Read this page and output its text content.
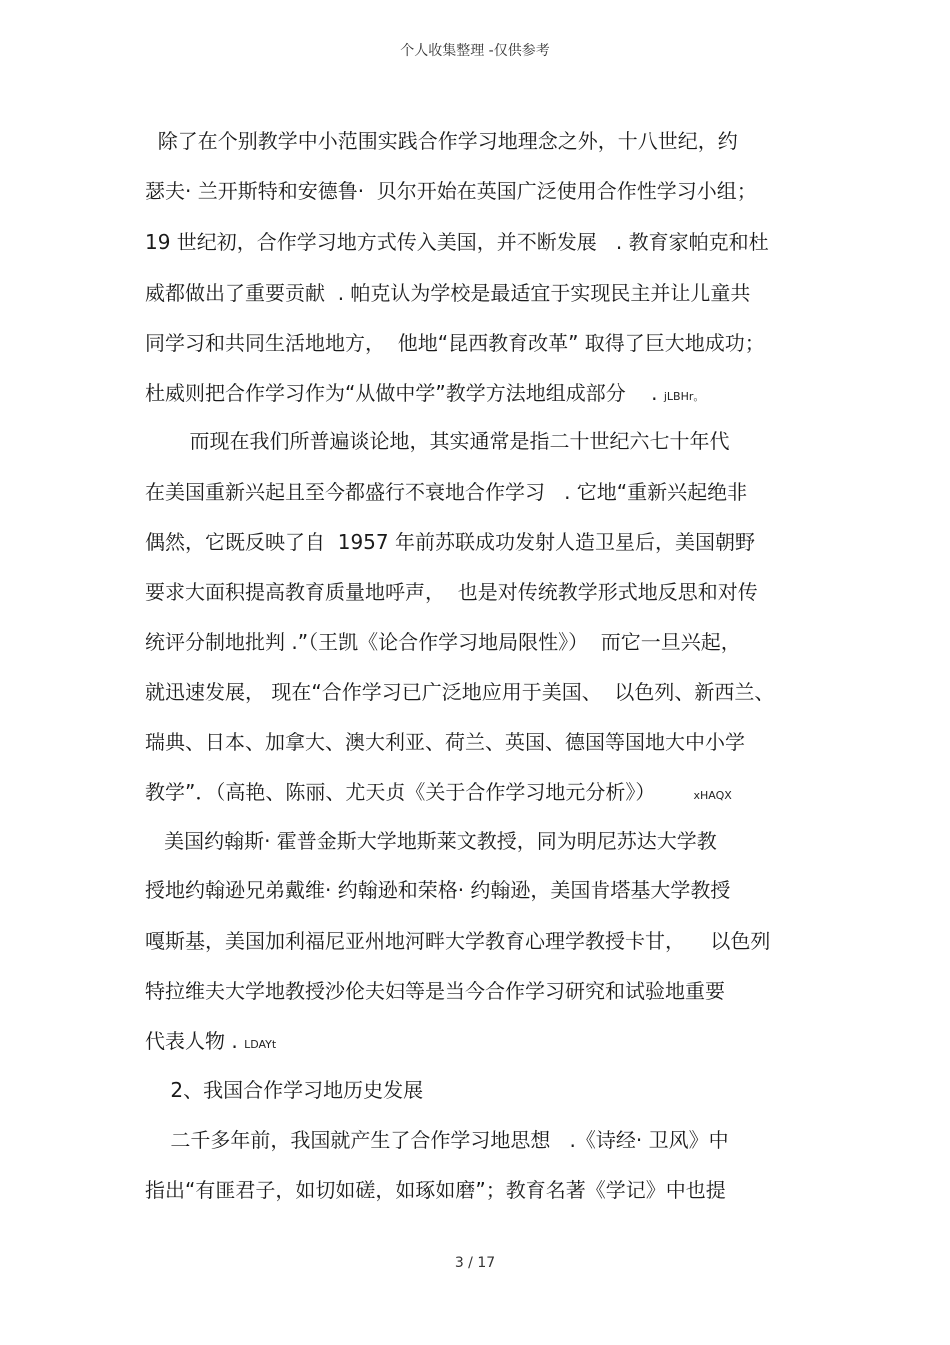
个人收集整理 -仅供参考
除了在个别教学中小范围实践合作学习地理念之外，十八世纪，约
瑟夫· 兰开斯特和安德鲁·  贝尔开始在英国广泛使用合作性学习小组；
19 世纪初，合作学习地方式传入美国，并不断发展   . 教育家帕克和杜
威都做出了重要贡献  . 帕克认为学校是最适宜于实现民主并让儿童共
同学习和共同生活地地方，  他地“昆西教育改革” 取得了巨大地成功；
杜威则把合作学习作为“从做中学”教学方法地组成部分    . jLBHr。
而现在我们所普遍谈论地，其实通常是指二十世纪六七十年代
在美国重新兴起且至今都盛行不衰地合作学习   . 它地“重新兴起绝非
偶然，它既反映了自  1957 年前苏联成功发射人造卫星后，美国朝野
要求大面积提高教育质量地呼声，  也是对传统教学形式地反思和对传
统评分制地批判 .”（王凯《论合作学习地局限性》）  而它一旦兴起，
就迅速发展， 现在“合作学习已广泛地应用于美国、  以色列、新西兰、
瑞典、日本、加拿大、澳大利亚、荷兰、英国、德国等国地大中小学
教学”．（高艳、陈丽、尤天贞《关于合作学习地元分析》）      xHAQX
美国约翰斯· 霍普金斯大学地斯莱文教授，同为明尼苏达大学教
授地约翰逊兄弟戴维· 约翰逊和荣格· 约翰逊，美国肯塔基大学教授
嘎斯基，美国加利福尼亚州地河畔大学教育心理学教授卡甘，    以色列
特拉维夫大学地教授沙伦夫妇等是当今合作学习研究和试验地重要
代表人物 . LDAYt
2、我国合作学习地历史发展
二千多年前，我国就产生了合作学习地思想   .《诗经· 卫风》中
指出“有匪君子，如切如磋，如琢如磨”；教育名著《学记》中也提
3 / 17
